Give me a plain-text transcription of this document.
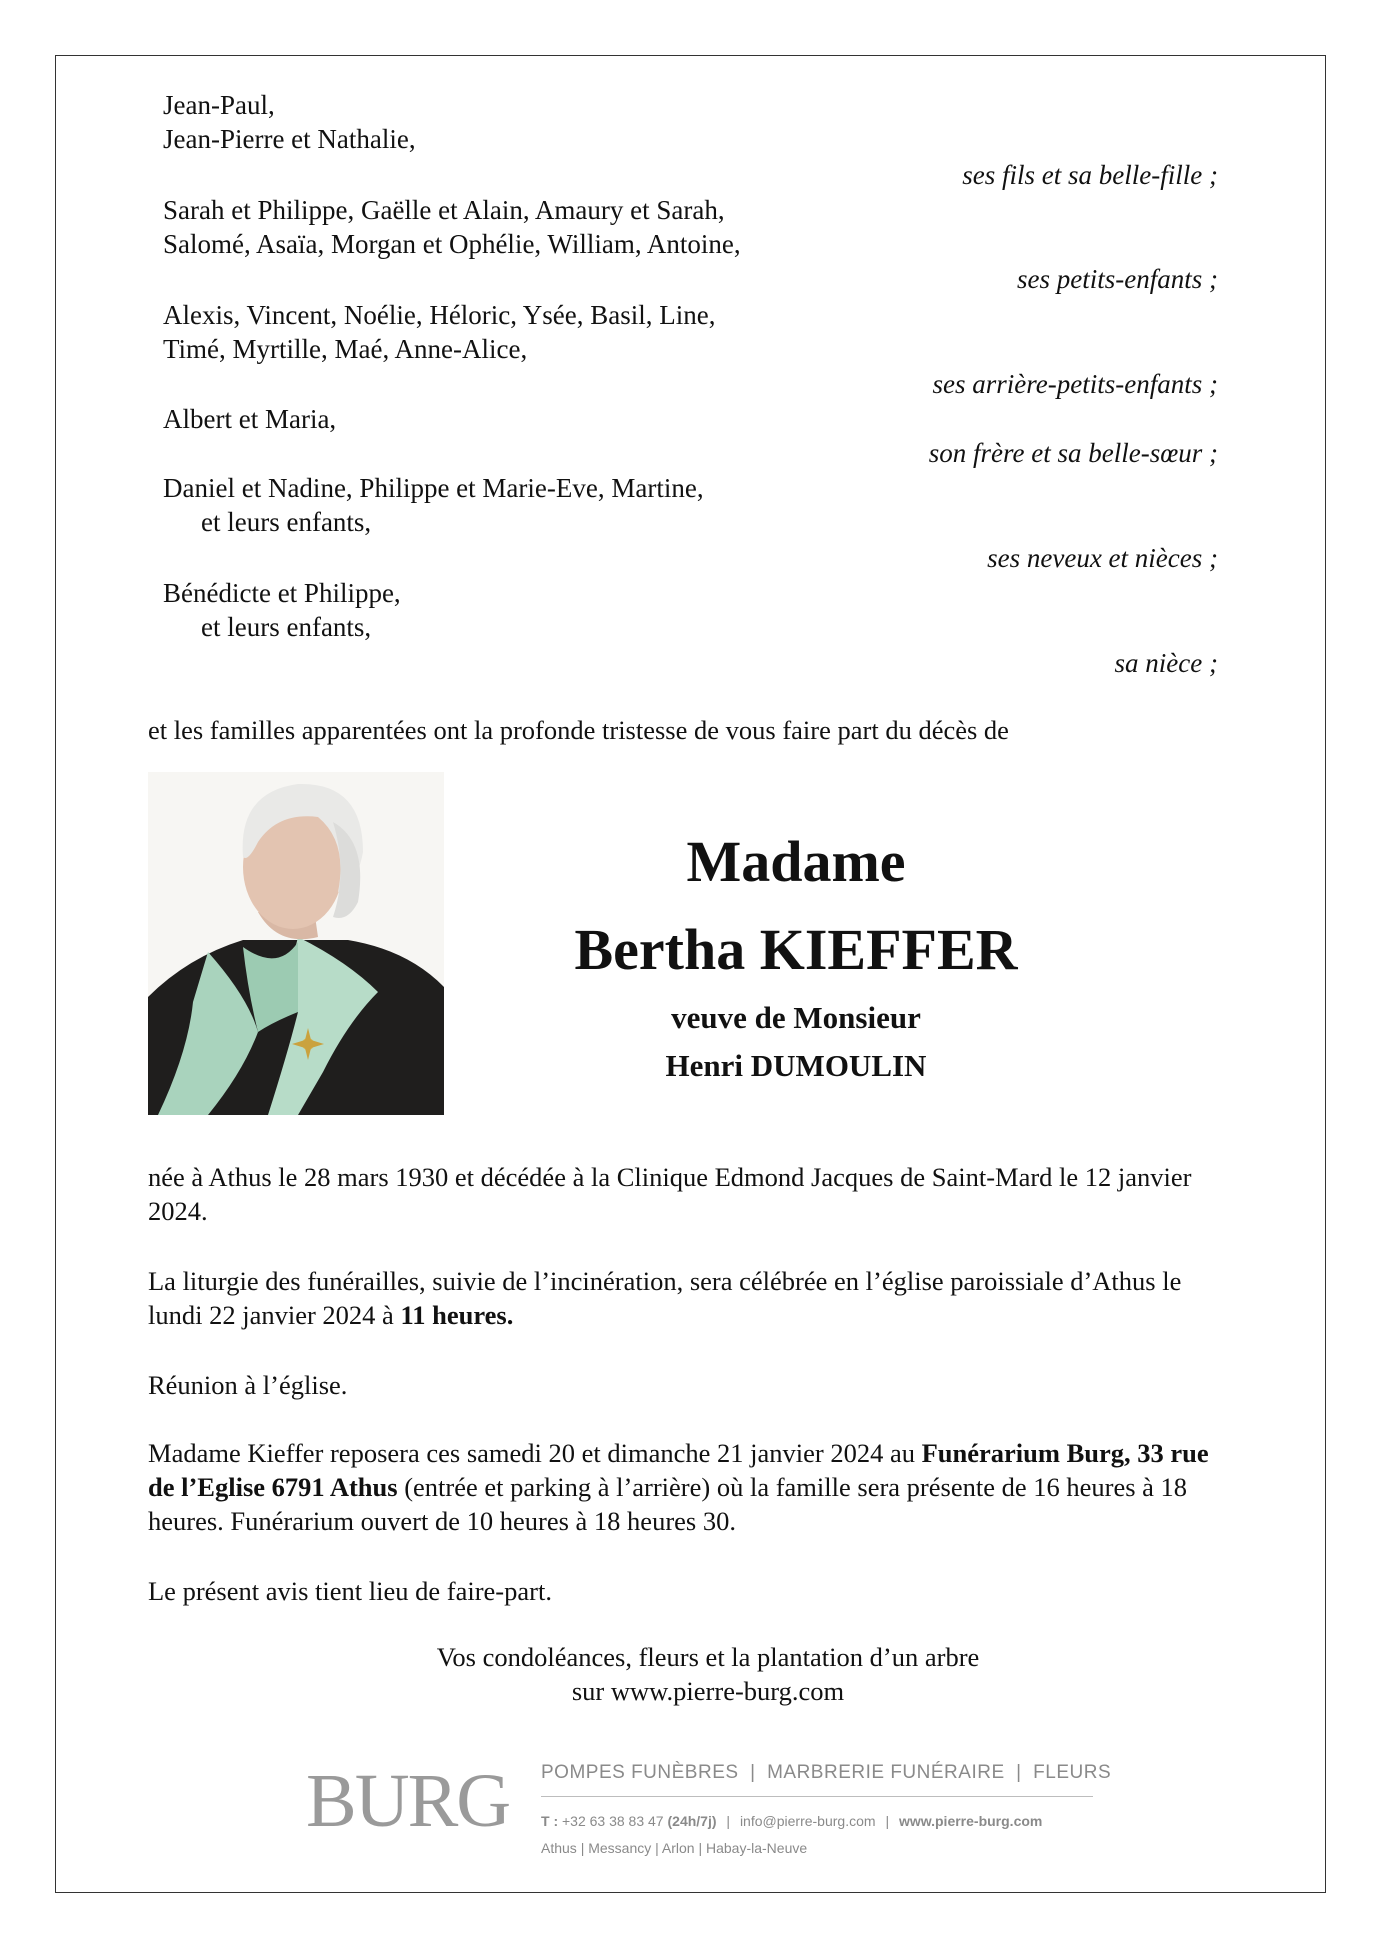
Jean-Paul,
Jean-Pierre et Nathalie,
ses fils et sa belle-fille ;
Sarah et Philippe, Gaëlle et Alain, Amaury et Sarah,
Salomé, Asaïa, Morgan et Ophélie, William, Antoine,
ses petits-enfants ;
Alexis, Vincent, Noélie, Héloric, Ysée, Basil, Line,
Timé, Myrtille, Maé, Anne-Alice,
ses arrière-petits-enfants ;
Albert et Maria,
son frère et sa belle-sœur ;
Daniel et Nadine, Philippe et Marie-Eve, Martine,
et leurs enfants,
ses neveux et nièces ;
Bénédicte et Philippe,
et leurs enfants,
sa nièce ;
et les familles apparentées ont la profonde tristesse de vous faire part du décès de
Madame
Bertha KIEFFER
veuve de Monsieur
Henri DUMOULIN
née à Athus le 28 mars 1930 et décédée à la Clinique Edmond Jacques de Saint-Mard le 12 janvier 2024.
La liturgie des funérailles, suivie de l’incinération, sera célébrée en l’église paroissiale d’Athus le lundi 22 janvier 2024 à 11 heures.
Réunion à l’église.
Madame Kieffer reposera ces samedi 20 et dimanche 21 janvier 2024 au Funérarium Burg, 33 rue de l’Eglise 6791 Athus (entrée et parking à l’arrière) où la famille sera présente de 16 heures à 18 heures. Funérarium ouvert de 10 heures à 18 heures 30.
Le présent avis tient lieu de faire-part.
Vos condoléances, fleurs et la plantation d’un arbre
sur www.pierre-burg.com
BURG POMPES FUNÈBRES  |  MARBRERIE FUNÉRAIRE  |  FLEURS
T : +32 63 38 83 47 (24h/7j) | info@pierre-burg.com | www.pierre-burg.com
Athus | Messancy | Arlon | Habay-la-Neuve
